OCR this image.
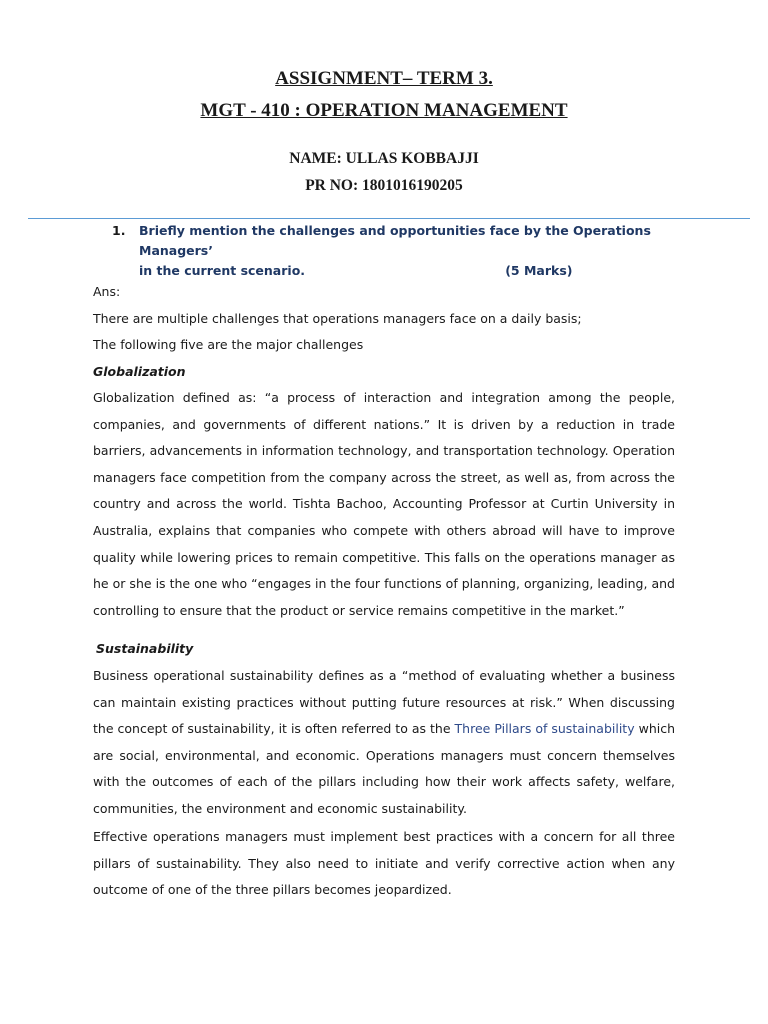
ASSIGNMENT– TERM 3.
MGT - 410 : OPERATION MANAGEMENT
NAME: ULLAS KOBBAJJI
PR NO: 1801016190205
1. Briefly mention the challenges and opportunities face by the Operations Managers’
in the current scenario.                                              (5 Marks)
Ans:
There are multiple challenges that operations managers face on a daily basis;
The following five are the major challenges
Globalization
Globalization defined as: “a process of interaction and integration among the people, companies, and governments of different nations.” It is driven by a reduction in trade barriers, advancements in information technology, and transportation technology. Operation managers face competition from the company across the street, as well as, from across the country and across the world. Tishta Bachoo, Accounting Professor at Curtin University in Australia, explains that companies who compete with others abroad will have to improve quality while lowering prices to remain competitive. This falls on the operations manager as he or she is the one who “engages in the four functions of planning, organizing, leading, and controlling to ensure that the product or service remains competitive in the market.”
Sustainability
Business operational sustainability defines as a “method of evaluating whether a business can maintain existing practices without putting future resources at risk.” When discussing the concept of sustainability, it is often referred to as the Three Pillars of sustainability which are social, environmental, and economic. Operations managers must concern themselves with the outcomes of each of the pillars including how their work affects safety, welfare, communities, the environment and economic sustainability.
Effective operations managers must implement best practices with a concern for all three pillars of sustainability. They also need to initiate and verify corrective action when any outcome of one of the three pillars becomes jeopardized.
